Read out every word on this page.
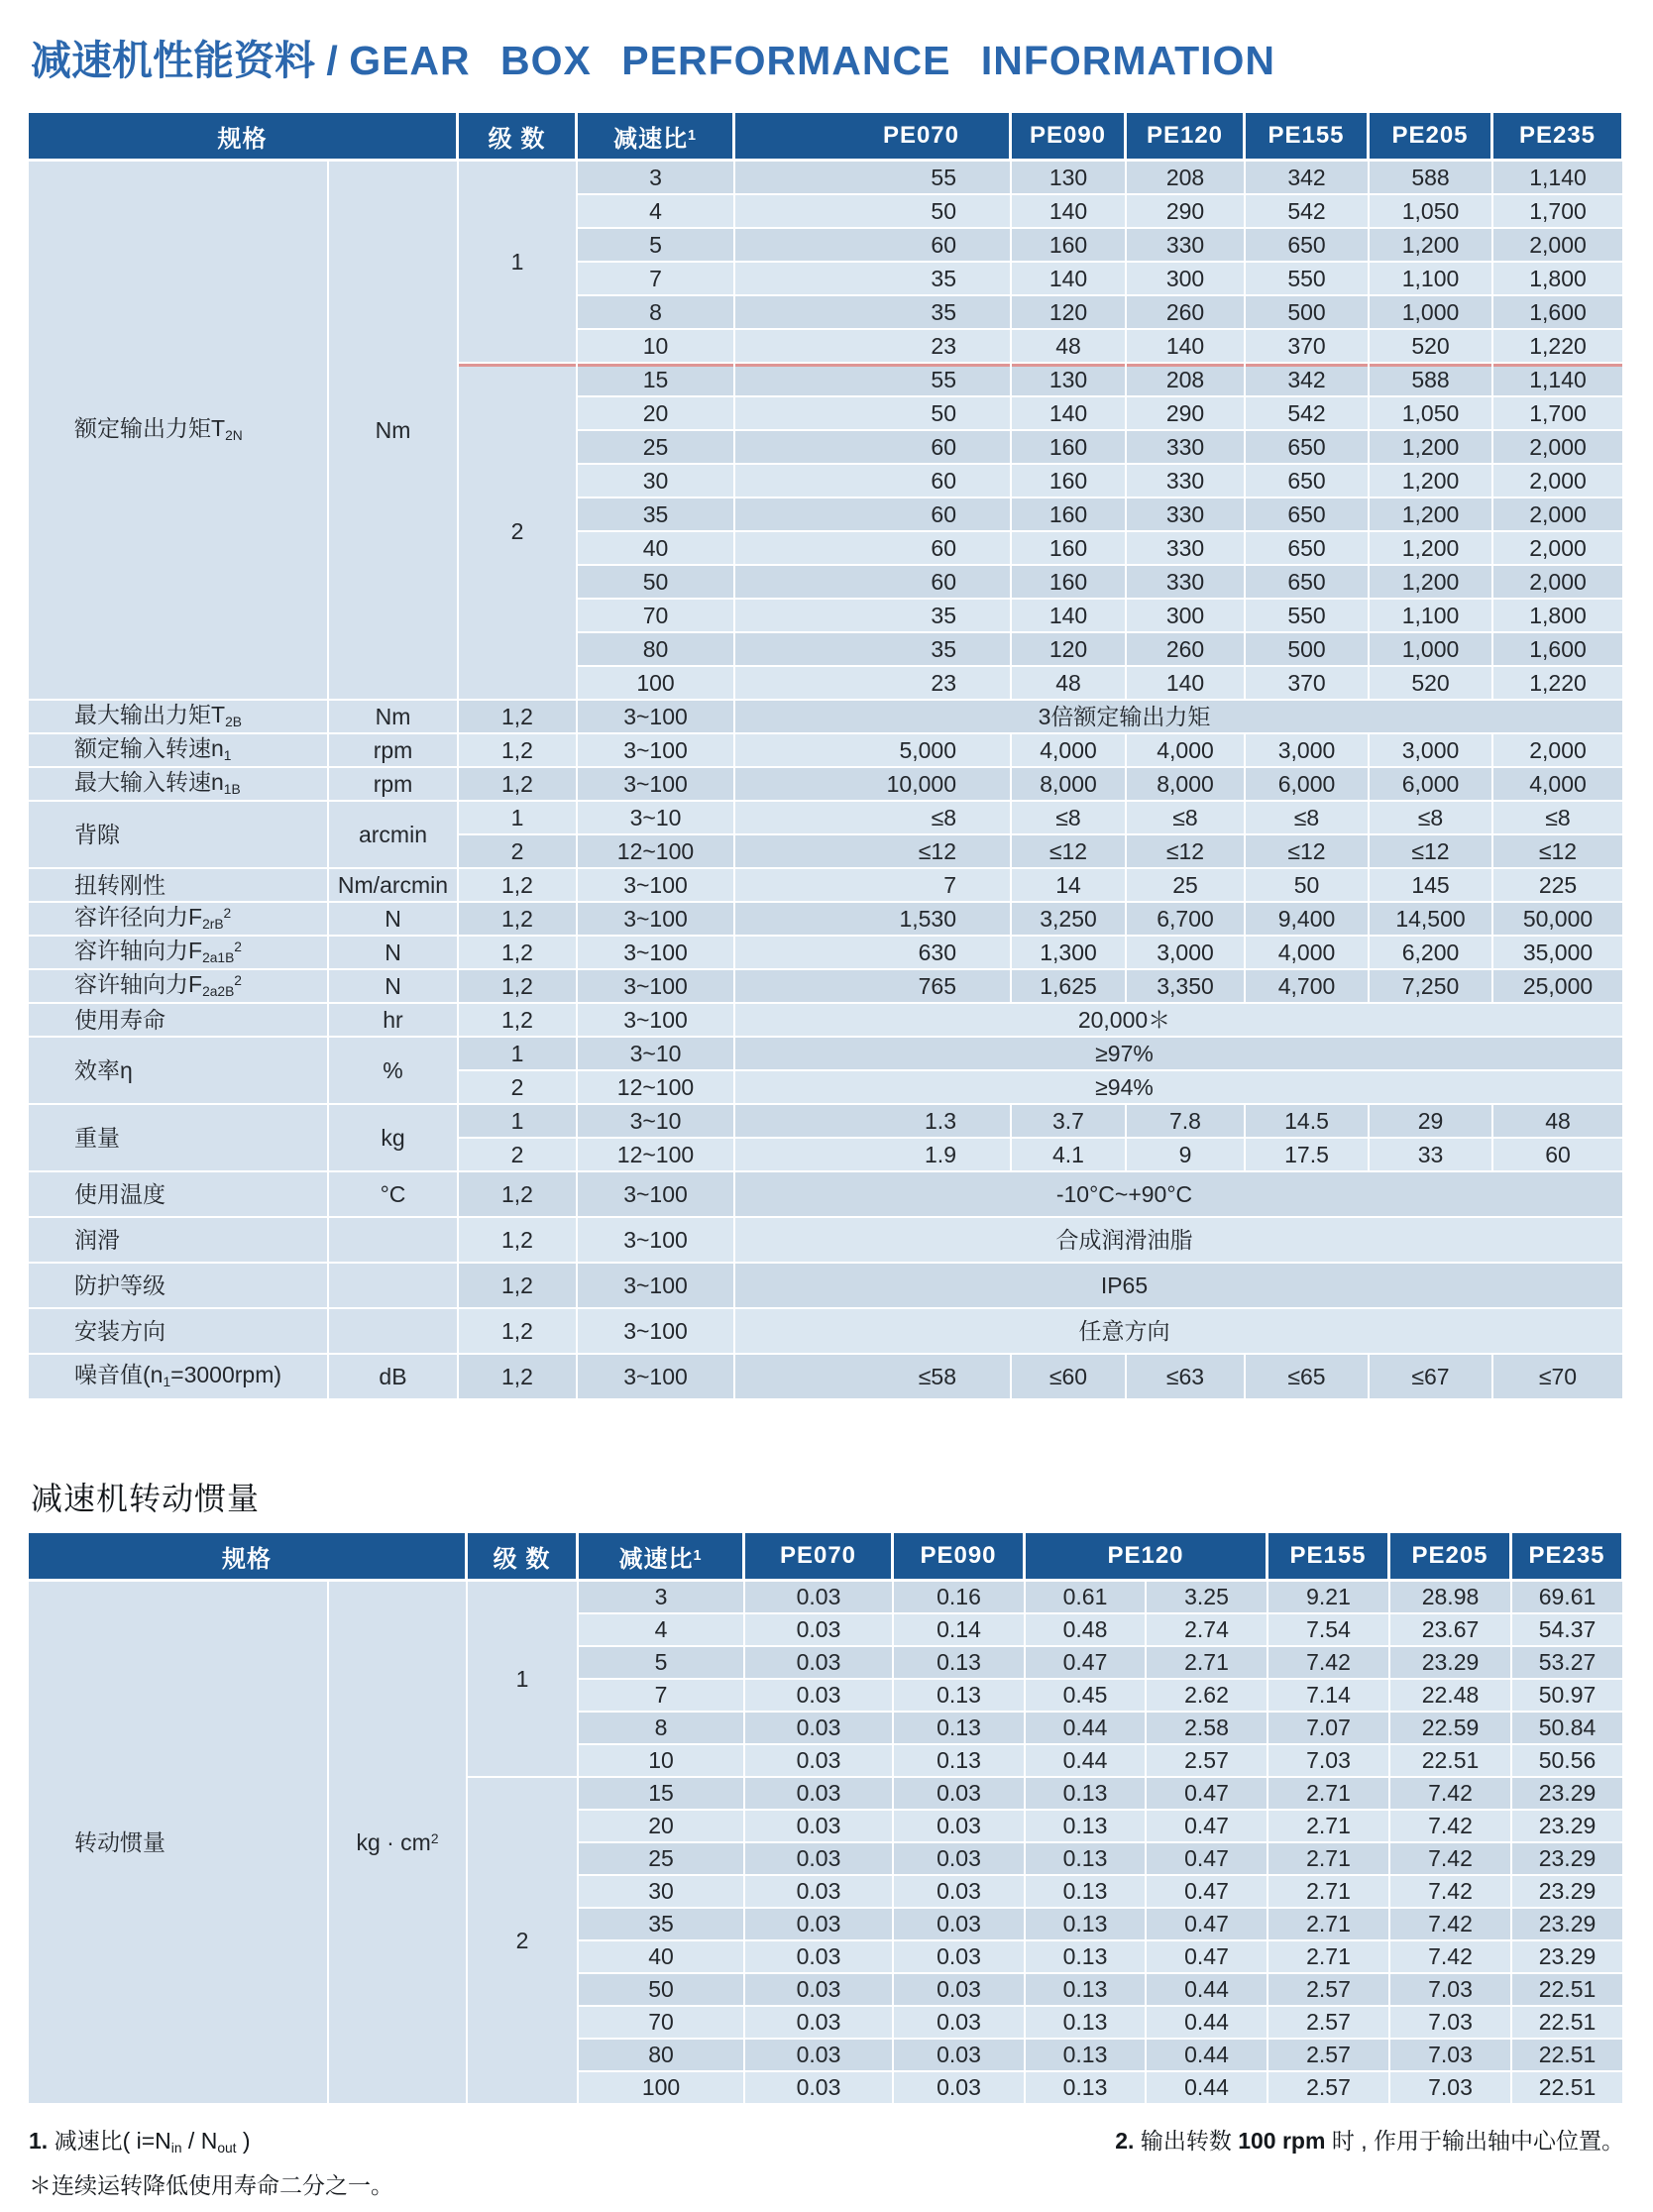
减速机性能资料 / GEAR BOX PERFORMANCE INFORMATION
规格		级 数	减速比$^1$	PE070	PE090	PE120	PE155	PE205	PE235
额定输出力矩$T_{2N}$	Nm	1	3	55	130	208	342	588	1,140
			4	50	140	290	542	1,050	1,700
			5	60	160	330	650	1,200	2,000
			7	35	140	300	550	1,100	1,800
			8	35	120	260	500	1,000	1,600
			10	23	48	140	370	520	1,220
		2	15	55	130	208	342	588	1,140
			20	50	140	290	542	1,050	1,700
			25	60	160	330	650	1,200	2,000
			30	60	160	330	650	1,200	2,000
			35	60	160	330	650	1,200	2,000
			40	60	160	330	650	1,200	2,000
			50	60	160	330	650	1,200	2,000
			70	35	140	300	550	1,100	1,800
			80	35	120	260	500	1,000	1,600
			100	23	48	140	370	520	1,220
最大输出力矩$T_{2B}$	Nm	1,2	3~100	3倍额定输出力矩					
额定输入转速$n_1$	rpm	1,2	3~100	5,000	4,000	4,000	3,000	3,000	2,000
最大输入转速$n_{1B}$	rpm	1,2	3~100	10,000	8,000	8,000	6,000	6,000	4,000
背隙	arcmin	1	3~10	≤8	≤8	≤8	≤8	≤8	≤8
		2	12~100	≤12	≤12	≤12	≤12	≤12	≤12
扭转刚性	Nm/arcmin	1,2	3~100	7	14	25	50	145	225
容许径向力$F_{2rB}^2$	N	1,2	3~100	1,530	3,250	6,700	9,400	14,500	50,000
容许轴向力$F_{2a1B}^2$	N	1,2	3~100	630	1,300	3,000	4,000	6,200	35,000
容许轴向力$F_{2a2B}^2$	N	1,2	3~100	765	1,625	3,350	4,700	7,250	25,000
使用寿命	hr	1,2	3~100	20,000＊					
效率η	%	1	3~10	≥97%					
		2	12~100	≥94%					
重量	kg	1	3~10	1.3	3.7	7.8	14.5	29	48
		2	12~100	1.9	4.1	9	17.5	33	60
使用温度	°C	1,2	3~100	-10°C~+90°C					
润滑		1,2	3~100	合成润滑油脂					
防护等级		1,2	3~100	IP65					
安装方向		1,2	3~100	任意方向					
噪音值$(n_1=3000rpm)$	dB	1,2	3~100	≤58	≤60	≤63	≤65	≤67	≤70
减速机转动惯量
规格		级 数	减速比$^1$	PE070	PE090	PE120		PE155	PE205	PE235
转动惯量	kg · $cm^2$	1	3	0.03	0.16	0.61	3.25	9.21	28.98	69.61
			4	0.03	0.14	0.48	2.74	7.54	23.67	54.37
			5	0.03	0.13	0.47	2.71	7.42	23.29	53.27
			7	0.03	0.13	0.45	2.62	7.14	22.48	50.97
			8	0.03	0.13	0.44	2.58	7.07	22.59	50.84
			10	0.03	0.13	0.44	2.57	7.03	22.51	50.56
		2	15	0.03	0.03	0.13	0.47	2.71	7.42	23.29
			20	0.03	0.03	0.13	0.47	2.71	7.42	23.29
			25	0.03	0.03	0.13	0.47	2.71	7.42	23.29
			30	0.03	0.03	0.13	0.47	2.71	7.42	23.29
			35	0.03	0.03	0.13	0.47	2.71	7.42	23.29
			40	0.03	0.03	0.13	0.47	2.71	7.42	23.29
			50	0.03	0.03	0.13	0.44	2.57	7.03	22.51
			70	0.03	0.03	0.13	0.44	2.57	7.03	22.51
			80	0.03	0.03	0.13	0.44	2.57	7.03	22.51
			100	0.03	0.03	0.13	0.44	2.57	7.03	22.51
1. 减速比( $i=N_{in} / N_{out}$ )
＊连续运转降低使用寿命二分之一。
2. 输出转数 100 rpm 时 , 作用于输出轴中心位置。
